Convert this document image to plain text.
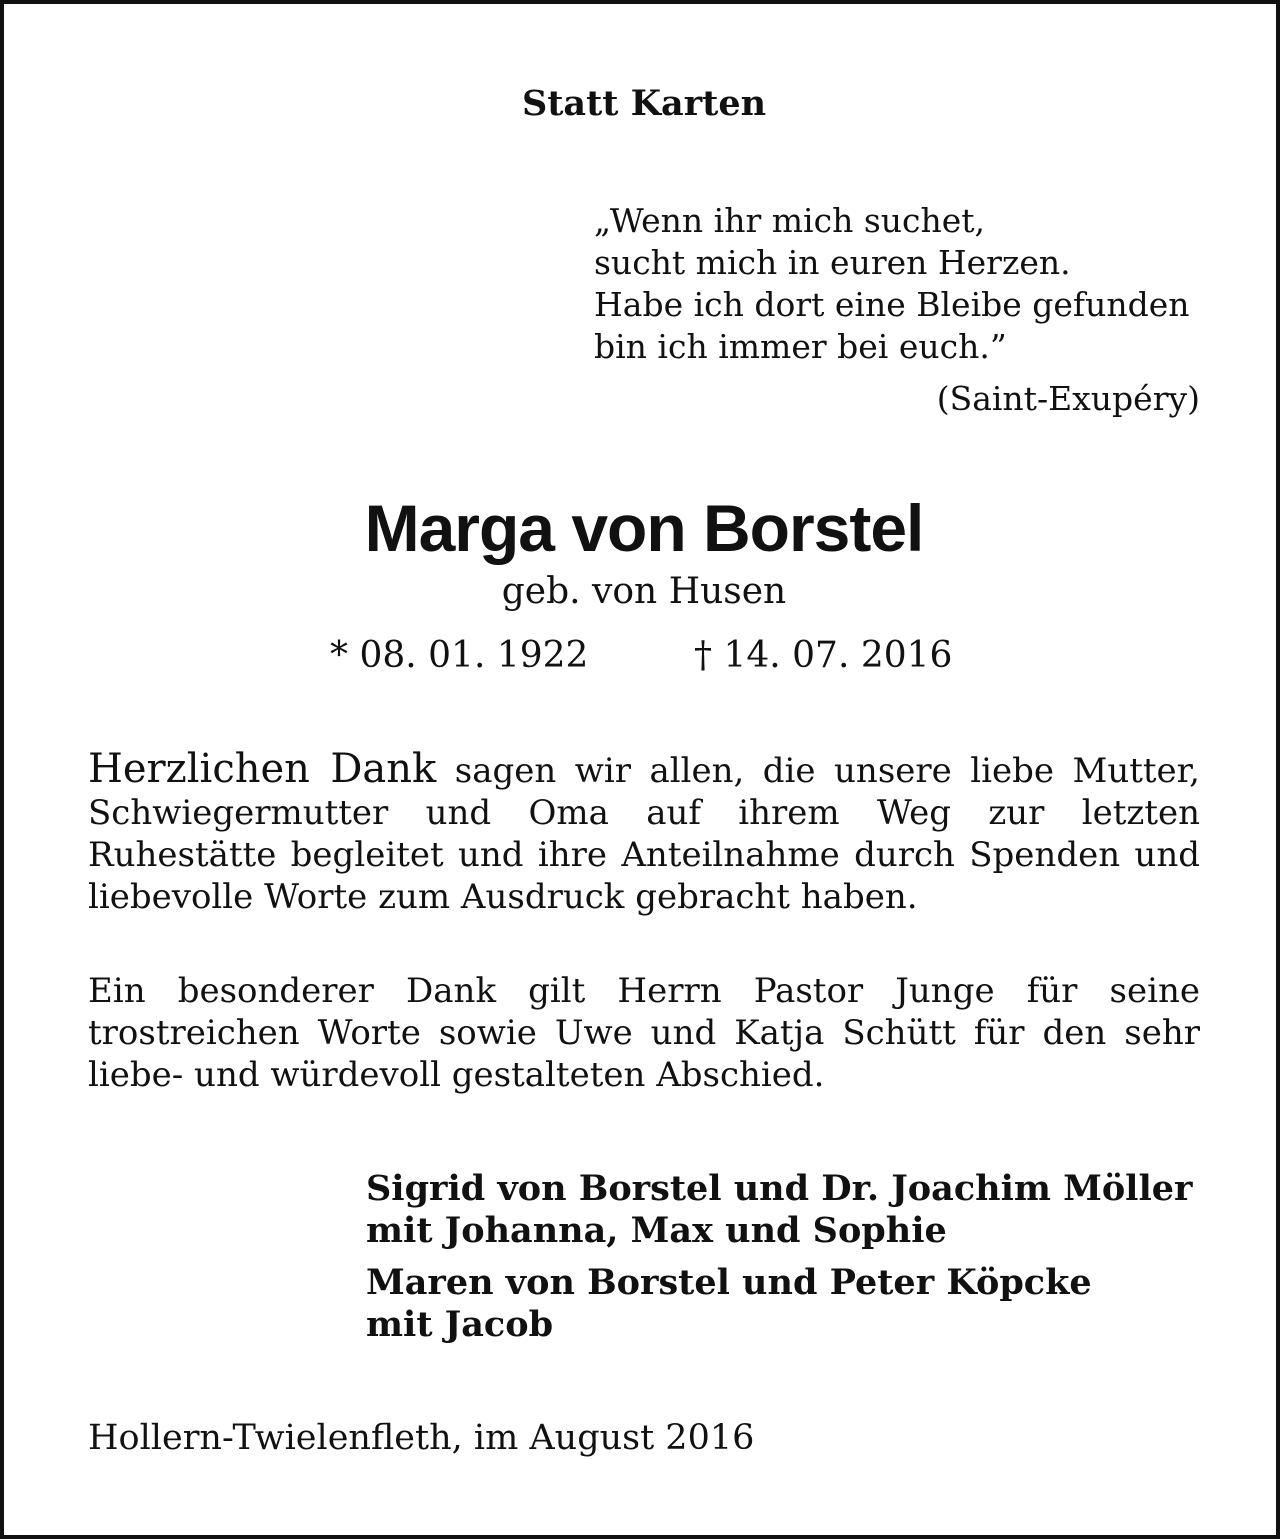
Statt Karten
„Wenn ihr mich suchet,
sucht mich in euren Herzen.
Habe ich dort eine Bleibe gefunden
bin ich immer bei euch.”
(Saint-Exupéry)
Marga von Borstel
geb. von Husen
* 08. 01. 1922	† 14. 07. 2016
Herzlichen Dank sagen wir allen, die unsere liebe Mutter, Schwiegermutter und Oma auf ihrem Weg zur letzten Ruhestätte begleitet und ihre Anteilnahme durch Spenden und liebevolle Worte zum Ausdruck gebracht haben.
Ein besonderer Dank gilt Herrn Pastor Junge für seine trostreichen Worte sowie Uwe und Katja Schütt für den sehr liebe- und würdevoll gestalteten Abschied.
Sigrid von Borstel und Dr. Joachim Möller
mit Johanna, Max und Sophie
Maren von Borstel und Peter Köpcke
mit Jacob
Hollern-Twielenfleth, im August 2016
